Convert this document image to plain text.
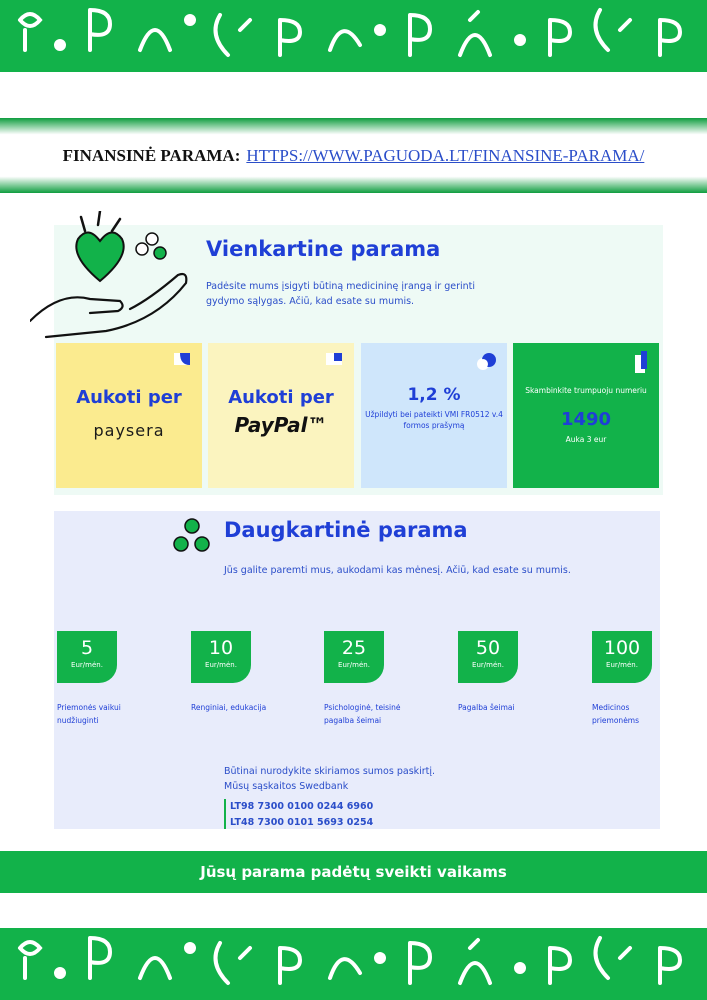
FINANSINĖ PARAMA: HTTPS://WWW.PAGUODA.LT/FINANSINE-PARAMA/
Vienkartine parama
Padėsite mums įsigyti būtiną medicininę įrangą ir gerinti gydymo sąlygas. Ačiū, kad esate su mumis.
Aukoti per
paysera
Aukoti per
PayPal™
1,2 %
Užpildyti bei pateikti VMI FR0512 v.4 formos prašymą
Skambinkite trumpuoju numeriu
1490
Auka 3 eur
Daugkartinė parama
Jūs galite paremti mus, aukodami kas mėnesį. Ačiū, kad esate su mumis.
5
Eur/mėn.
Priemonės vaikui nudžiuginti
10
Eur/mėn.
Renginiai, edukacija
25
Eur/mėn.
Psichologinė, teisinė pagalba šeimai
50
Eur/mėn.
Pagalba šeimai
100
Eur/mėn.
Medicinos priemonėms
Būtinai nurodykite skiriamos sumos paskirtį.
Mūsų sąskaitos Swedbank
LT98 7300 0100 0244 6960
LT48 7300 0101 5693 0254
Jūsų parama padėtų sveikti vaikams
